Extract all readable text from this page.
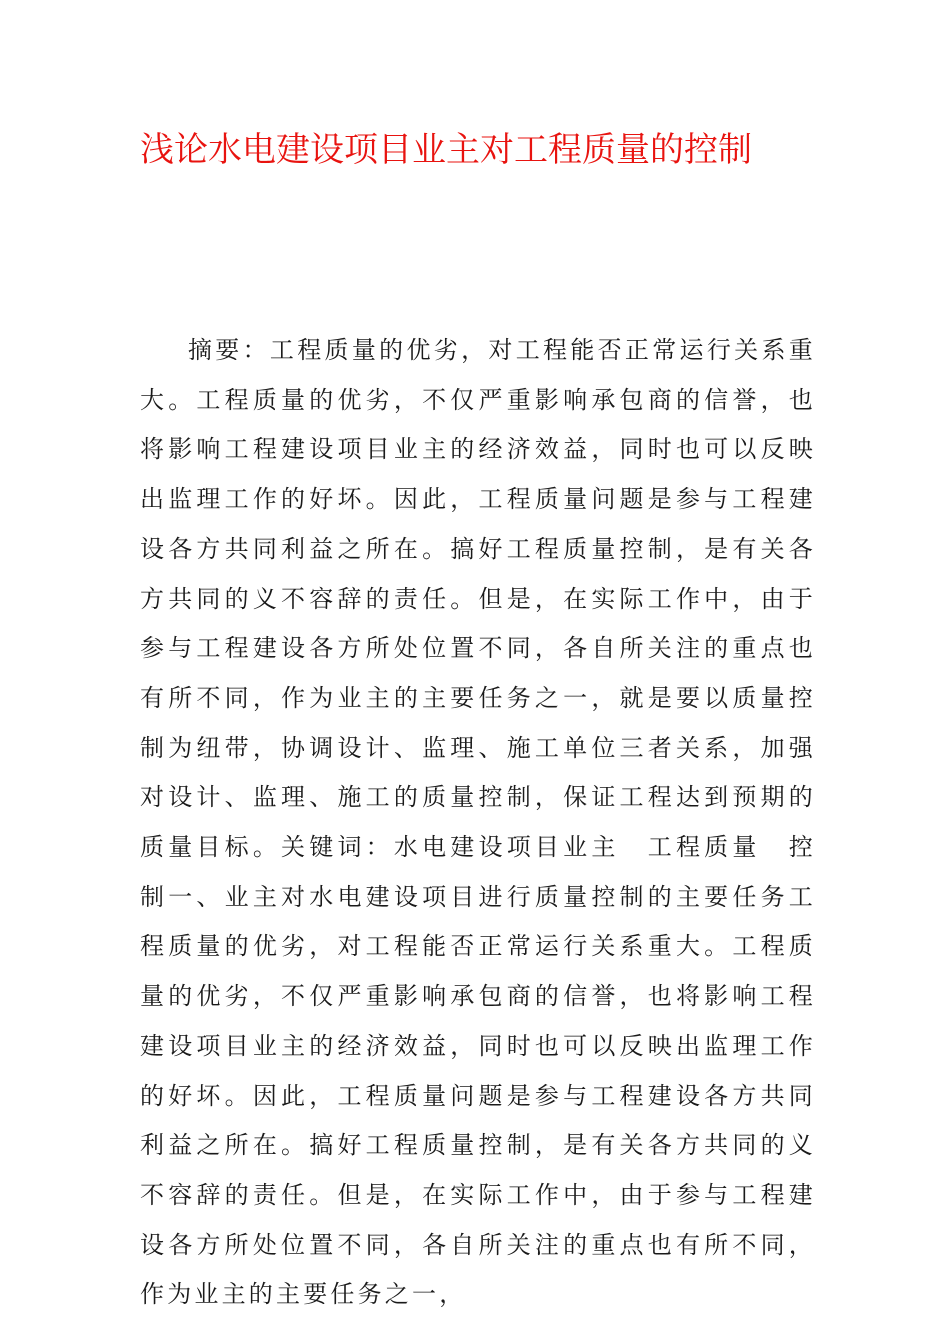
浅论水电建设项目业主对工程质量的控制

摘要：工程质量的优劣，对工程能否正常运行关系重大。工程质量的优劣，不仅严重影响承包商的信誉，也将影响工程建设项目业主的经济效益，同时也可以反映出监理工作的好坏。因此，工程质量问题是参与工程建设各方共同利益之所在。搞好工程质量控制，是有关各方共同的义不容辞的责任。但是，在实际工作中，由于参与工程建设各方所处位置不同，各自所关注的重点也有所不同，作为业主的主要任务之一，就是要以质量控制为纽带，协调设计、监理、施工单位三者关系，加强对设计、监理、施工的质量控制，保证工程达到预期的质量目标。关键词：水电建设项目业主　工程质量　控制一、业主对水电建设项目进行质量控制的主要任务工程质量的优劣，对工程能否正常运行关系重大。工程质量的优劣，不仅严重影响承包商的信誉，也将影响工程建设项目业主的经济效益，同时也可以反映出监理工作的好坏。因此，工程质量问题是参与工程建设各方共同利益之所在。搞好工程质量控制，是有关各方共同的义不容辞的责任。但是，在实际工作中，由于参与工程建设各方所处位置不同，各自所关注的重点也有所不同，作为业主的主要任务之一，
